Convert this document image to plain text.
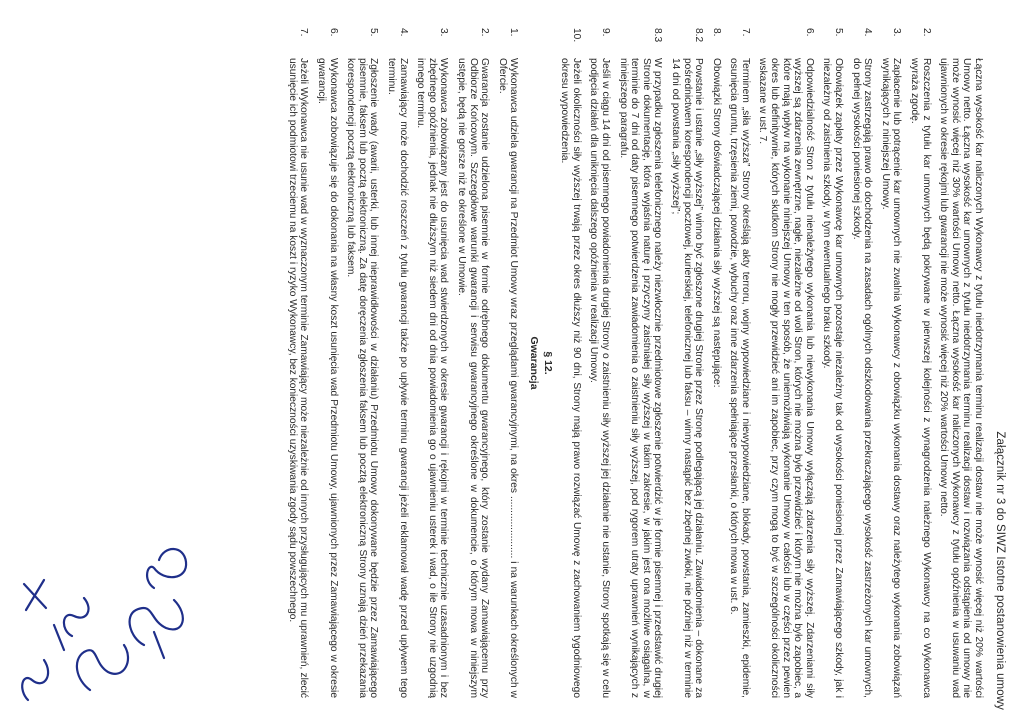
Załącznik nr 3 do SIWZ Istotne postanowienia umowy
Łączna wysokość kar naliczonych Wykonawcy z tytułu niedotrzymania terminu realizacji dostaw nie może wynosić więcej niż 20% wartości Umowy netto. Łączna wysokość kar umownych z tytułu niedotrzymania terminu realizacji dostaw i rozwiązania odstąpienia od umowy nie może wynosić więcej niż 30% wartości Umowy netto. Łączna wysokość kar naliczonych Wykonawcy z tytułu opóźnienia w usuwaniu wad ujawnionych w okresie rękojmi lub gwarancji nie może wynosić więcej niż 20% wartości Umowy netto.
2.
Roszczenia z tytułu kar umownych będą pokrywane w pierwszej kolejności z wynagrodzenia należnego Wykonawcy na co Wykonawca wyraża zgodę.
3.
Zapłacenie lub potrącenie kar umownych nie zwalnia Wykonawcy z obowiązku wykonania dostawy oraz należytego wykonania zobowiązań wynikających z niniejszej Umowy.
4.
Strony zastrzegają prawo do dochodzenia na zasadach ogólnych odszkodowania przekraczającego wysokość zastrzeżonych kar umownych, do pełnej wysokości poniesionej szkody.
5.
Obowiązek zapłaty przez Wykonawcę kar umownych pozostaje niezależny tak od wysokości poniesionej przez Zamawiającego szkody, jak i niezależny od zaistnienia szkody, w tym ewentualnego braku szkody.
6.
Odpowiedzialność Stron z tytułu nienależytego wykonania lub niewykonania Umowy wyłączają zdarzenia siły wyższej. Zdarzeniami siły wyższej są zdarzenia zewnętrzne, nagłe, niezależne od woli Stron, których nie można było przewidzieć i którym nie można było zapobiec, a które mają wpływ na wykonanie niniejszej Umowy w ten sposób, że uniemożliwiają wykonanie Umowy w całości lub w części przez pewien okres lub definitywnie, których skutkom Strony nie mogły przewidzieć ani im zapobiec, przy czym mogą to być w szczególności okoliczności wskazane w ust. 7.
7.
Terminem „siła wyższa” Strony określają akty terroru, wojny wypowiedziane i niewypowiedziane, blokady, powstania, zamieszki, epidemie, osunięcia gruntu, trzęsienia ziemi, powodzie, wybuchy oraz inne zdarzenia spełniające przesłanki, o których mowa w ust. 6.
8.
Obowiązki Strony doświadczającej działania siły wyższej są następujące:
8.2
Powstanie i ustanie „siły wyższej” winno być zgłoszone drugiej Stronie przez Stronę podlegającą jej działaniu. Zawiadomienia – dokonane za pośrednictwem korespondencji pocztowej, kurierskiej, telefonicznej lub faksu – winny nastąpić bez zbędnej zwłoki, nie później niż w terminie 14 dni od powstania „siły wyższej”;
8.3
W przypadku zgłoszenia telefonicznego należy niezwłocznie przedmiotowe zgłoszenie potwierdzić w je formie pisemnej i przedstawić drugiej Stronie dokumentację, która wyjaśnia naturę i przyczyny zaistniałej siły wyższej w takim zakresie, w jakim jest ona możliwe osiągalna, w terminie do 7 dni od daty pisemnego potwierdzenia zawiadomienia o zaistnieniu siły wyższej, pod rygorem utraty uprawnień wynikających z niniejszego paragrafu.
9.
Jeśli w ciągu 14 dni od pisemnego powiadomienia drugiej Strony o zaistnieniu siły wyższej jej działanie nie ustanie, Strony spotkają się w celu podjęcia działań dla uniknięcia dalszego opóźnienia w realizacji Umowy.
10.
Jeżeli okoliczności siły wyższej trwają przez okres dłuższy niż 90 dni, Strony mają prawo rozwiązać Umowę z zachowaniem tygodniowego okresu wypowiedzenia.
§ 12.
Gwarancja
1.
Wykonawca udziela gwarancji na Przedmiot Umowy wraz przeglądami gwarancyjnymi, na okres ...................... i na warunkach określonych w Ofercie.
2.
Gwarancja zostanie udzielona pisemnie w formie odrębnego dokumentu gwarancyjnego, który zostanie wydany Zamawiającemu przy Odbiorze Końcowym. Szczegółowe warunki gwarancji i serwisu gwarancyjnego określone w dokumencie, o którym mowa w niniejszym ustępie, będą nie gorsze niż te określone w Umowie.
3.
Wykonawca zobowiązany jest do usunięcia wad stwierdzonych w okresie gwarancji i rękojmi w terminie technicznie uzasadnionym i bez zbędnego opóźnienia, jednak nie dłuższym niż siedem dni od dnia powiadomienia go o ujawnieniu usterek i wad, o ile Strony nie uzgodnią innego terminu.
4.
Zamawiający może dochodzić roszczeń z tytułu gwarancji także po upływie terminu gwarancji jeżeli reklamował wadę przed upływem tego terminu.
5.
Zgłoszenie wady (awarii, usterki, lub innej nieprawidłowości w działaniu) Przedmiotu Umowy dokonywane będzie przez Zamawiającego pisemnie, faksem lub pocztą elektroniczną. Za datę doręczenia zgłoszenia faksem lub pocztą elektroniczną Strony uznają dzień przekazania korespondencji pocztą elektroniczną lub faksem.
6.
Wykonawca zobowiązuje się do dokonania na własny koszt usunięcia wad Przedmiotu Umowy, ujawnionych przez Zamawiającego w okresie gwarancji.
7.
Jeżeli Wykonawca nie usunie wad w wyznaczonym terminie Zamawiający może niezależnie od innych przysługujących mu uprawnień, zlecić usunięcie ich podmiotowi trzeciemu na koszt i ryzyko Wykonawcy, bez konieczności uzyskiwania zgody sądu powszechnego.
